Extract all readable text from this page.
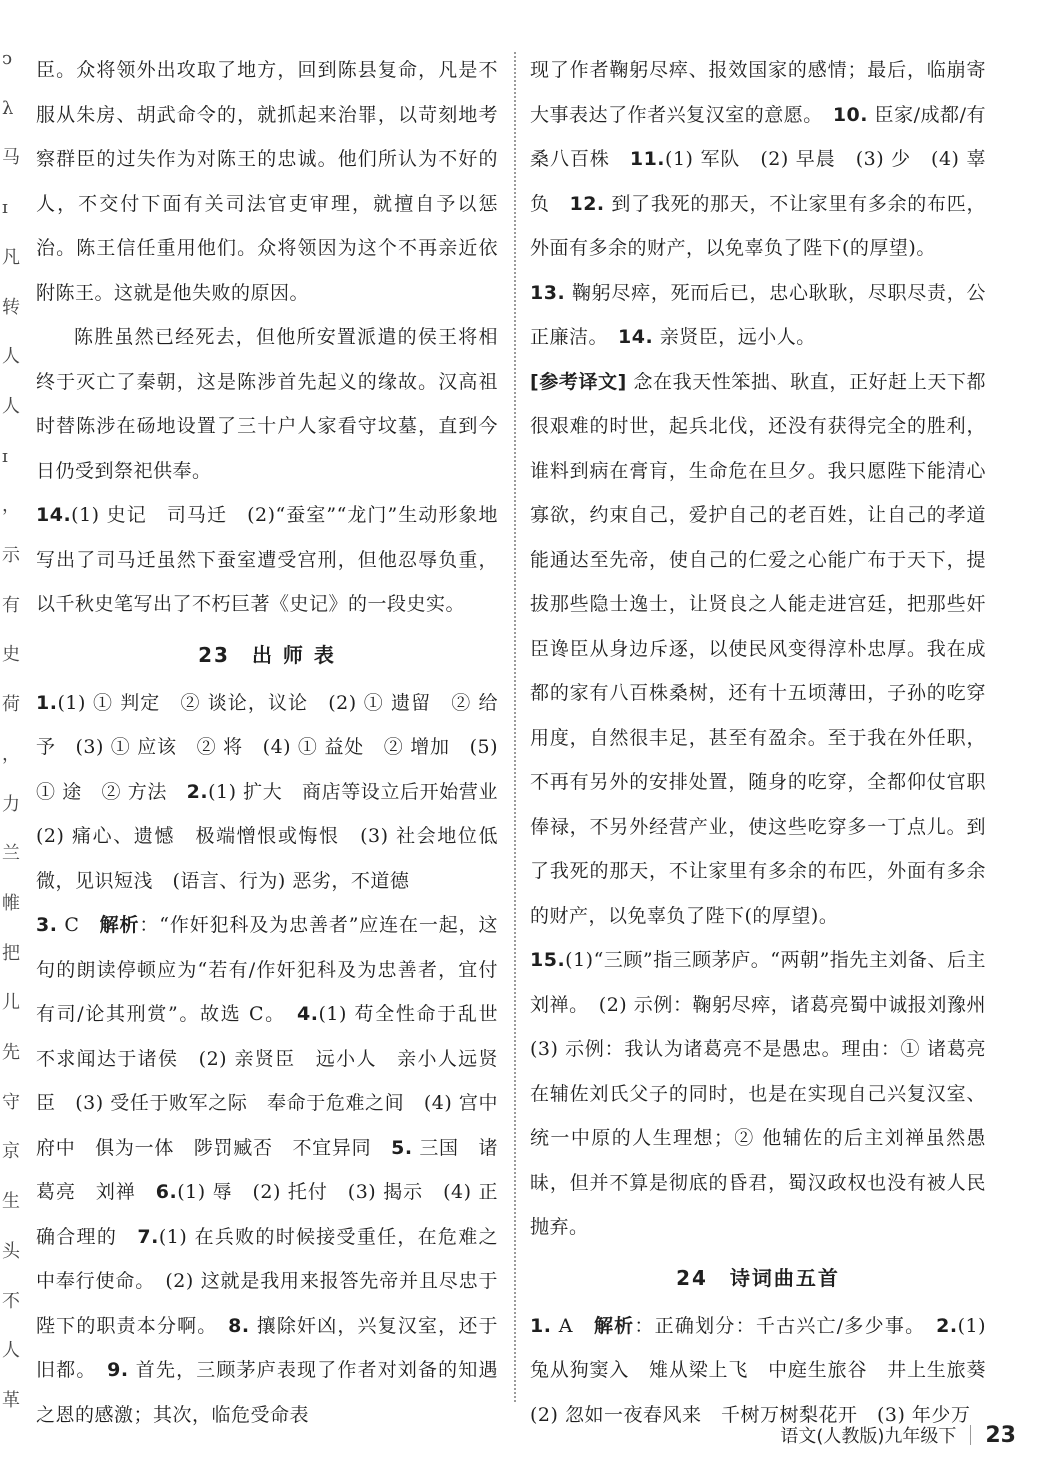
ↄ
λ
马
ɪ
凡
转
人
人
ɪ
，
示
有
史
荷
，
力
兰
帷
把
儿
先
守
京
生
头
不
人
革

臣。众将领外出攻取了地方，回到陈县复命，凡是不服从朱房、胡武命令的，就抓起来治罪，以苛刻地考察群臣的过失作为对陈王的忠诚。他们所认为不好的人，不交付下面有关司法官吏审理，就擅自予以惩治。陈王信任重用他们。众将领因为这个不再亲近依附陈王。这就是他失败的原因。

陈胜虽然已经死去，但他所安置派遣的侯王将相终于灭亡了秦朝，这是陈涉首先起义的缘故。汉高祖时替陈涉在砀地设置了三十户人家看守坟墓，直到今日仍受到祭祀供奉。

14.(1) 史记　司马迁　(2)“蚕室”“龙门”生动形象地写出了司马迁虽然下蚕室遭受宫刑，但他忍辱负重，以千秋史笔写出了不朽巨著《史记》的一段史实。

23　出 师 表

1.(1) ① 判定　② 谈论，议论　(2) ① 遗留　② 给予　(3) ① 应该　② 将　(4) ① 益处　② 增加　(5) ① 途　② 方法　2.(1) 扩大　商店等设立后开始营业　(2) 痛心、遗憾　极端憎恨或悔恨　(3) 社会地位低微，见识短浅　(语言、行为) 恶劣，不道德

3. C　解析：“作奸犯科及为忠善者”应连在一起，这句的朗读停顿应为“若有/作奸犯科及为忠善者，宜付有司/论其刑赏”。故选 C。　4.(1) 苟全性命于乱世　不求闻达于诸侯　(2) 亲贤臣　远小人　亲小人远贤臣　(3) 受任于败军之际　奉命于危难之间　(4) 宫中府中　俱为一体　陟罚臧否　不宜异同　5. 三国　诸葛亮　刘禅　6.(1) 辱　(2) 托付　(3) 揭示　(4) 正确合理的　7.(1) 在兵败的时候接受重任，在危难之中奉行使命。　(2) 这就是我用来报答先帝并且尽忠于陛下的职责本分啊。　8. 攘除奸凶，兴复汉室，还于旧都。　9. 首先，三顾茅庐表现了作者对刘备的知遇之恩的感激；其次，临危受命表

现了作者鞠躬尽瘁、报效国家的感情；最后，临崩寄大事表达了作者兴复汉室的意愿。　10. 臣家/成都/有桑八百株　11.(1) 军队　(2) 早晨　(3) 少　(4) 辜负　12. 到了我死的那天，不让家里有多余的布匹，外面有多余的财产，以免辜负了陛下(的厚望)。

13. 鞠躬尽瘁，死而后已，忠心耿耿，尽职尽责，公正廉洁。　14. 亲贤臣，远小人。

[参考译文] 念在我天性笨拙、耿直，正好赶上天下都很艰难的时世，起兵北伐，还没有获得完全的胜利，谁料到病在膏肓，生命危在旦夕。我只愿陛下能清心寡欲，约束自己，爱护自己的老百姓，让自己的孝道能通达至先帝，使自己的仁爱之心能广布于天下，提拔那些隐士逸士，让贤良之人能走进宫廷，把那些奸臣谗臣从身边斥逐，以使民风变得淳朴忠厚。我在成都的家有八百株桑树，还有十五顷薄田，子孙的吃穿用度，自然很丰足，甚至有盈余。至于我在外任职，不再有另外的安排处置，随身的吃穿，全都仰仗官职俸禄，不另外经营产业，使这些吃穿多一丁点儿。到了我死的那天，不让家里有多余的布匹，外面有多余的财产，以免辜负了陛下(的厚望)。

15.(1)“三顾”指三顾茅庐。“两朝”指先主刘备、后主刘禅。　(2) 示例：鞠躬尽瘁，诸葛亮蜀中诚报刘豫州　(3) 示例：我认为诸葛亮不是愚忠。理由：① 诸葛亮在辅佐刘氏父子的同时，也是在实现自己兴复汉室、统一中原的人生理想；② 他辅佐的后主刘禅虽然愚昧，但并不算是彻底的昏君，蜀汉政权也没有被人民抛弃。

24　诗词曲五首

1. A　解析：正确划分：千古兴亡/多少事。　2.(1) 兔从狗窦入　雉从梁上飞　中庭生旅谷　井上生旅葵　(2) 忽如一夜春风来　千树万树梨花开　(3) 年少万

语文(人教版)九年级下 23
